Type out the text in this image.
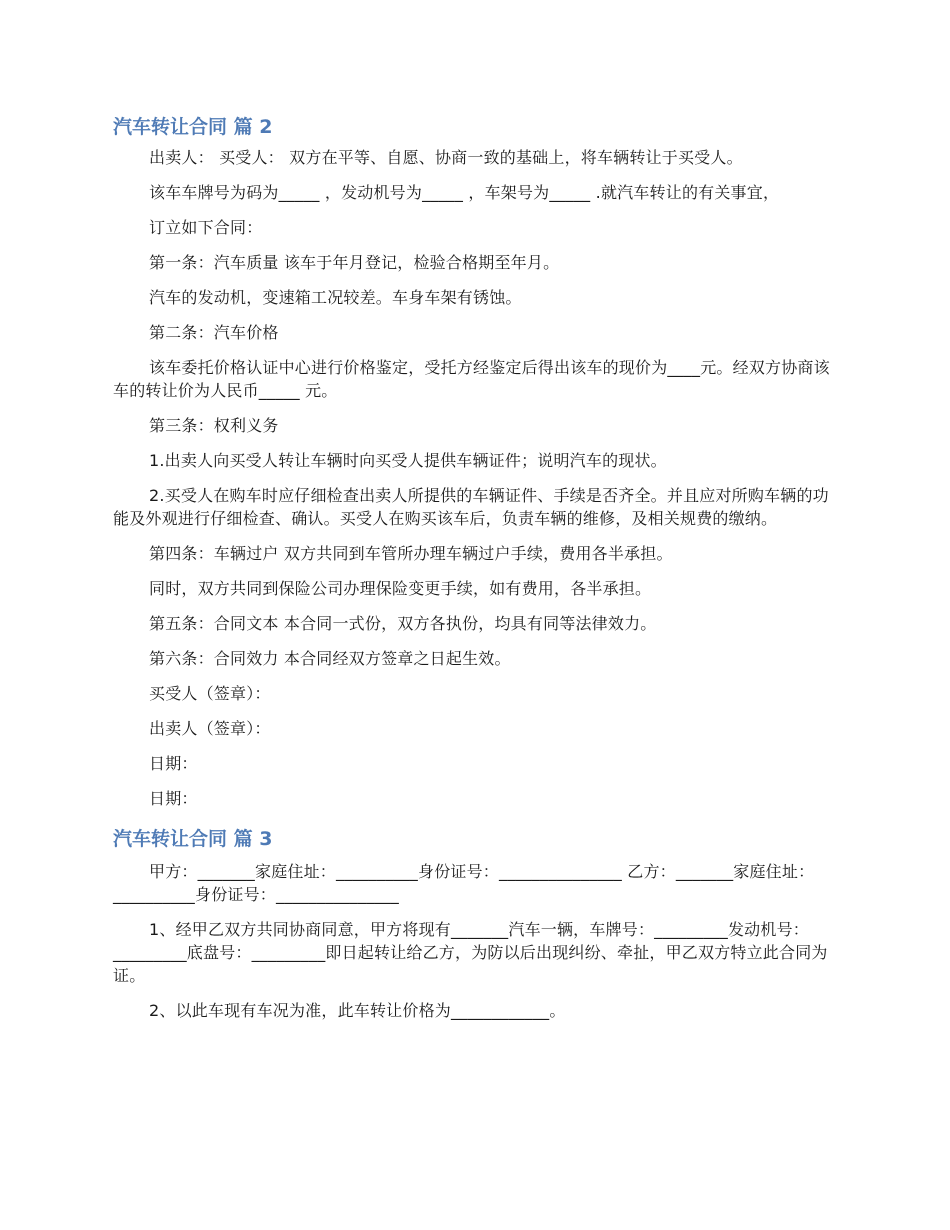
汽车转让合同 篇 2

出卖人： 买受人： 双方在平等、自愿、协商一致的基础上，将车辆转让于买受人。

该车车牌号为码为_____ ，发动机号为_____ ，车架号为_____ .就汽车转让的有关事宜，

订立如下合同：

第一条：汽车质量 该车于年月登记，检验合格期至年月。

汽车的发动机，变速箱工况较差。车身车架有锈蚀。

第二条：汽车价格

该车委托价格认证中心进行价格鉴定，受托方经鉴定后得出该车的现价为____元。经双方协商该车的转让价为人民币_____ 元。

第三条：权利义务

1.出卖人向买受人转让车辆时向买受人提供车辆证件；说明汽车的现状。

2.买受人在购车时应仔细检查出卖人所提供的车辆证件、手续是否齐全。并且应对所购车辆的功能及外观进行仔细检查、确认。买受人在购买该车后，负责车辆的维修，及相关规费的缴纳。

第四条：车辆过户 双方共同到车管所办理车辆过户手续，费用各半承担。

同时，双方共同到保险公司办理保险变更手续，如有费用，各半承担。

第五条：合同文本 本合同一式份，双方各执份，均具有同等法律效力。

第六条：合同效力 本合同经双方签章之日起生效。

买受人（签章）：

出卖人（签章）：

日期：

日期：

汽车转让合同 篇 3

甲方：_______家庭住址：__________身份证号：_______________ 乙方：_______家庭住址：__________身份证号：_______________

1、经甲乙双方共同协商同意，甲方将现有_______汽车一辆，车牌号：_________发动机号：_________底盘号：_________即日起转让给乙方，为防以后出现纠纷、牵扯，甲乙双方特立此合同为证。

2、以此车现有车况为准，此车转让价格为____________。
